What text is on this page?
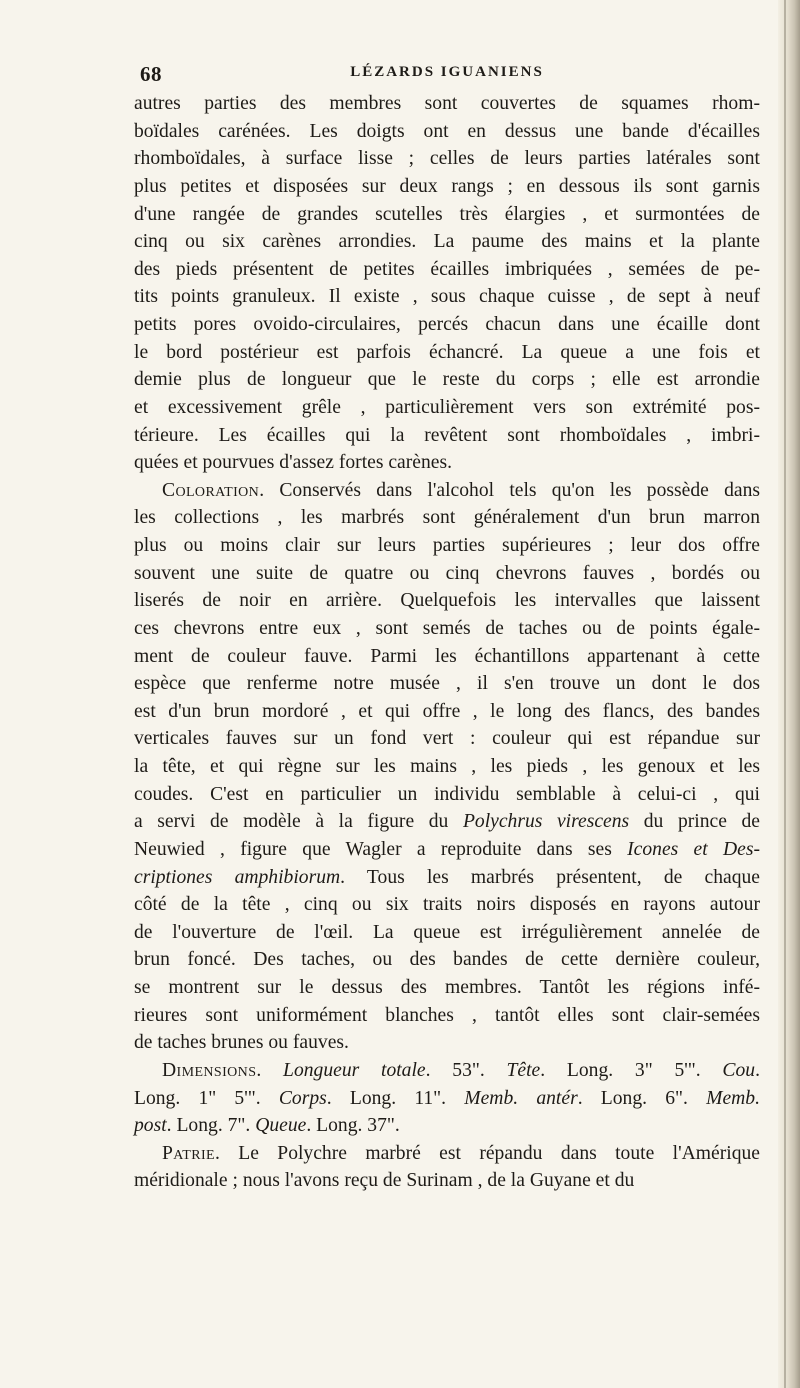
68	LÉZARDS IGUANIENS
autres parties des membres sont couvertes de squames rhom-
boïdales carénées. Les doigts ont en dessus une bande d'écailles
rhomboïdales, à surface lisse ; celles de leurs parties latérales sont
plus petites et disposées sur deux rangs ; en dessous ils sont garnis
d'une rangée de grandes scutelles très élargies , et surmontées de
cinq ou six carènes arrondies. La paume des mains et la plante
des pieds présentent de petites écailles imbriquées , semées de pe-
tits points granuleux. Il existe , sous chaque cuisse , de sept à neuf
petits pores ovoido-circulaires, percés chacun dans une écaille dont
le bord postérieur est parfois échancré. La queue a une fois et
demie plus de longueur que le reste du corps ; elle est arrondie
et excessivement grêle , particulièrement vers son extrémité pos-
térieure. Les écailles qui la revêtent sont rhomboïdales , imbri-
quées et pourvues d'assez fortes carènes.
Coloration. Conservés dans l'alcohol tels qu'on les possède dans
les collections , les marbrés sont généralement d'un brun marron
plus ou moins clair sur leurs parties supérieures ; leur dos offre
souvent une suite de quatre ou cinq chevrons fauves , bordés ou
liserés de noir en arrière. Quelquefois les intervalles que laissent
ces chevrons entre eux , sont semés de taches ou de points égale-
ment de couleur fauve. Parmi les échantillons appartenant à cette
espèce que renferme notre musée , il s'en trouve un dont le dos
est d'un brun mordoré , et qui offre , le long des flancs, des bandes
verticales fauves sur un fond vert : couleur qui est répandue sur
la tête, et qui règne sur les mains , les pieds , les genoux et les
coudes. C'est en particulier un individu semblable à celui-ci , qui
a servi de modèle à la figure du Polychrus virescens du prince de
Neuwied , figure que Wagler a reproduite dans ses Icones et Des-
criptiones amphibiorum. Tous les marbrés présentent, de chaque
côté de la tête , cinq ou six traits noirs disposés en rayons autour
de l'ouverture de l'œil. La queue est irrégulièrement annelée de
brun foncé. Des taches, ou des bandes de cette dernière couleur,
se montrent sur le dessus des membres. Tantôt les régions infé-
rieures sont uniformément blanches , tantôt elles sont clair-semées
de taches brunes ou fauves.
Dimensions. Longueur totale. 53". Tête. Long. 3" 5'". Cou.
Long. 1" 5'". Corps. Long. 11". Memb. antér. Long. 6". Memb.
post. Long. 7". Queue. Long. 37".
Patrie. Le Polychre marbré est répandu dans toute l'Amérique
méridionale ; nous l'avons reçu de Surinam , de la Guyane et du
